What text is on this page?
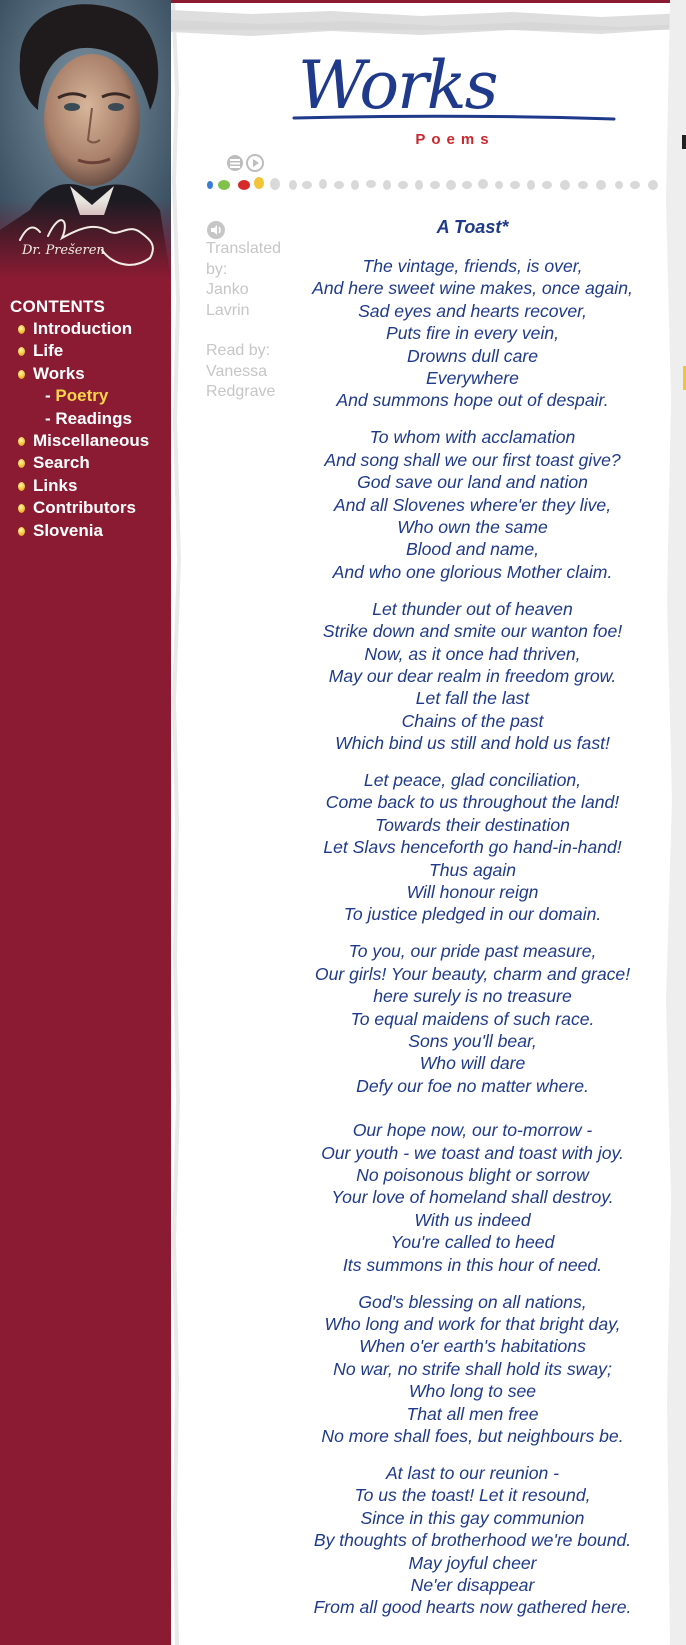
Dr. Prešeren
CONTENTS
Introduction
Life
Works
- Poetry
- Readings
Miscellaneous
Search
Links
Contributors
Slovenia
Works
Poems
Translated
by:
Janko
Lavrin
Read by:
Vanessa
Redgrave
A Toast*
The vintage, friends, is over,
And here sweet wine makes, once again,
Sad eyes and hearts recover,
Puts fire in every vein,
Drowns dull care
Everywhere
And summons hope out of despair.
To whom with acclamation
And song shall we our first toast give?
God save our land and nation
And all Slovenes where'er they live,
Who own the same
Blood and name,
And who one glorious Mother claim.
Let thunder out of heaven
Strike down and smite our wanton foe!
Now, as it once had thriven,
May our dear realm in freedom grow.
Let fall the last
Chains of the past
Which bind us still and hold us fast!
Let peace, glad conciliation,
Come back to us throughout the land!
Towards their destination
Let Slavs henceforth go hand-in-hand!
Thus again
Will honour reign
To justice pledged in our domain.
To you, our pride past measure,
Our girls! Your beauty, charm and grace!
here surely is no treasure
To equal maidens of such race.
Sons you'll bear,
Who will dare
Defy our foe no matter where.
Our hope now, our to-morrow -
Our youth - we toast and toast with joy.
No poisonous blight or sorrow
Your love of homeland shall destroy.
With us indeed
You're called to heed
Its summons in this hour of need.
God's blessing on all nations,
Who long and work for that bright day,
When o'er earth's habitations
No war, no strife shall hold its sway;
Who long to see
That all men free
No more shall foes, but neighbours be.
At last to our reunion -
To us the toast! Let it resound,
Since in this gay communion
By thoughts of brotherhood we're bound.
May joyful cheer
Ne'er disappear
From all good hearts now gathered here.
